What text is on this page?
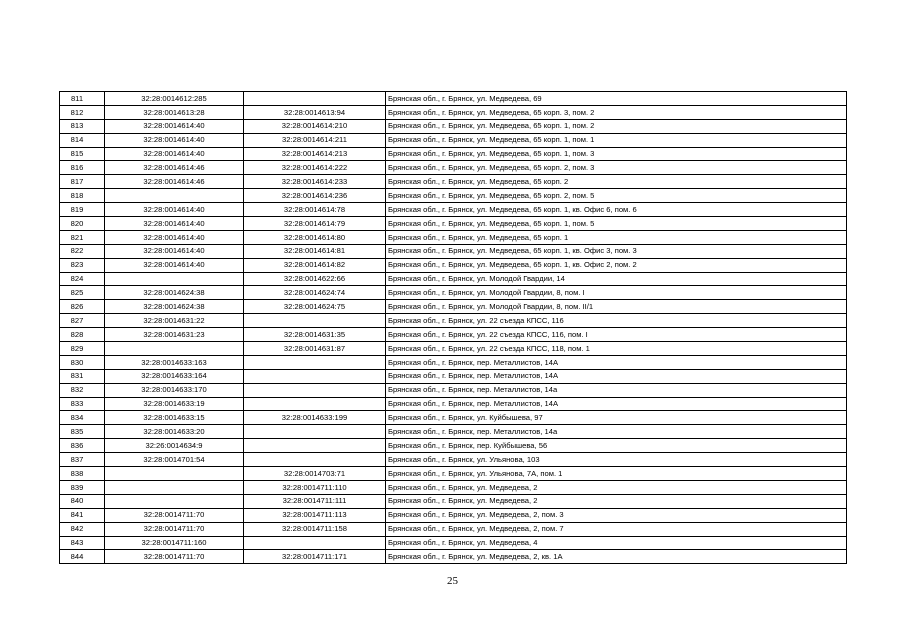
811	32:28:0014612:285		Брянская обл., г. Брянск, ул. Медведева, 69
812	32:28:0014613:28	32:28:0014613:94	Брянская обл., г. Брянск, ул. Медведева, 65 корп. 3, пом. 2
813	32:28:0014614:40	32:28:0014614:210	Брянская обл., г. Брянск, ул. Медведева, 65 корп. 1, пом. 2
814	32:28:0014614:40	32:28:0014614:211	Брянская обл., г. Брянск, ул. Медведева, 65 корп. 1, пом. 1
815	32:28:0014614:40	32:28:0014614:213	Брянская обл., г. Брянск, ул. Медведева, 65 корп. 1, пом. 3
816	32:28:0014614:46	32:28:0014614:222	Брянская обл., г. Брянск, ул. Медведева, 65 корп. 2, пом. 3
817	32:28:0014614:46	32:28:0014614:233	Брянская обл., г. Брянск, ул. Медведева, 65 корп. 2
818		32:28:0014614:236	Брянская обл., г. Брянск, ул. Медведева, 65 корп. 2, пом. 5
819	32:28:0014614:40	32:28:0014614:78	Брянская обл., г. Брянск, ул. Медведева, 65 корп. 1, кв. Офис 6, пом. 6
820	32:28:0014614:40	32:28:0014614:79	Брянская обл., г. Брянск, ул. Медведева, 65 корп. 1, пом. 5
821	32:28:0014614:40	32:28:0014614:80	Брянская обл., г. Брянск, ул. Медведева, 65 корп. 1
822	32:28:0014614:40	32:28:0014614:81	Брянская обл., г. Брянск, ул. Медведева, 65 корп. 1, кв. Офис 3, пом. 3
823	32:28:0014614:40	32:28:0014614:82	Брянская обл., г. Брянск, ул. Медведева, 65 корп. 1, кв. Офис 2, пом. 2
824		32:28:0014622:66	Брянская обл., г. Брянск, ул. Молодой Гвардии, 14
825	32:28:0014624:38	32:28:0014624:74	Брянская обл., г. Брянск, ул. Молодой Гвардии, 8, пом. I
826	32:28:0014624:38	32:28:0014624:75	Брянская обл., г. Брянск, ул. Молодой Гвардии, 8, пом. II/1
827	32:28:0014631:22		Брянская обл., г. Брянск, ул. 22 съезда КПСС, 116
828	32:28:0014631:23	32:28:0014631:35	Брянская обл., г. Брянск, ул. 22 съезда КПСС, 116, пом. I
829		32:28:0014631:87	Брянская обл., г. Брянск, ул. 22 съезда КПСС, 118, пом. 1
830	32:28:0014633:163		Брянская обл., г. Брянск, пер. Металлистов, 14А
831	32:28:0014633:164		Брянская обл., г. Брянск, пер. Металлистов, 14А
832	32:28:0014633:170		Брянская обл., г. Брянск, пер. Металлистов, 14а
833	32:28:0014633:19		Брянская обл., г. Брянск, пер. Металлистов, 14А
834	32:28:0014633:15	32:28:0014633:199	Брянская обл., г. Брянск, ул. Куйбышева, 97
835	32:28:0014633:20		Брянская обл., г. Брянск, пер. Металлистов, 14а
836	32:26:0014634:9		Брянская обл., г. Брянск, пер. Куйбышева, 56
837	32:28:0014701:54		Брянская обл., г. Брянск, ул. Ульянова, 103
838		32:28:0014703:71	Брянская обл., г. Брянск, ул. Ульянова, 7А, пом. 1
839		32:28:0014711:110	Брянская обл., г. Брянск, ул. Медведева, 2
840		32:28:0014711:111	Брянская обл., г. Брянск, ул. Медведева, 2
841	32:28:0014711:70	32:28:0014711:113	Брянская обл., г. Брянск, ул. Медведева, 2, пом. 3
842	32:28:0014711:70	32:28:0014711:158	Брянская обл., г. Брянск, ул. Медведева, 2, пом. 7
843	32:28:0014711:160		Брянская обл., г. Брянск, ул. Медведева, 4
844	32:28:0014711:70	32:28:0014711:171	Брянская обл., г. Брянск, ул. Медведева, 2, кв. 1А
25
